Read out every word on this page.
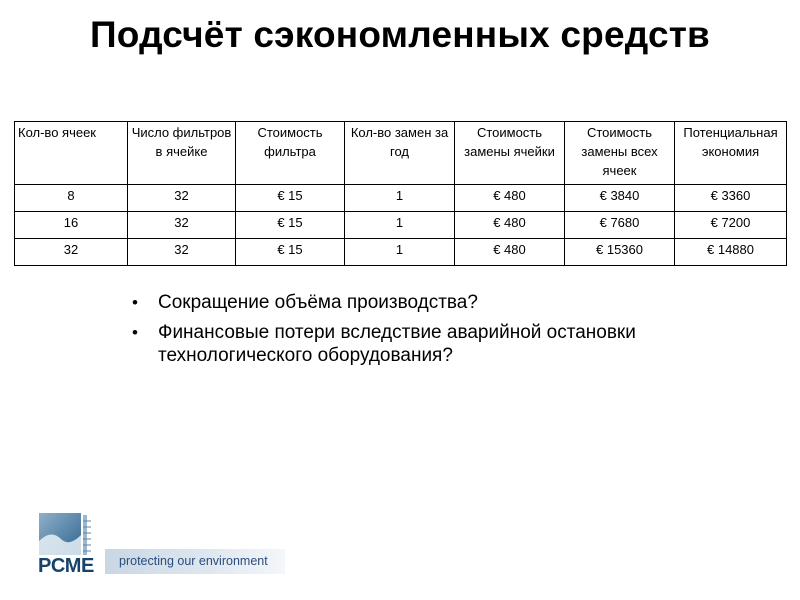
Подсчёт сэкономленных средств
Кол-во ячеек	Число фильтров в ячейке	Стоимость фильтра	Кол-во замен за год	Стоимость замены ячейки	Стоимость замены всех ячеек	Потенциальная экономия
8	32	€ 15	1	€ 480	€ 3840	€ 3360
16	32	€ 15	1	€ 480	€ 7680	€ 7200
32	32	€ 15	1	€ 480	€ 15360	€ 14880
• Сокращение объёма производства?
• Финансовые потери вследствие аварийной остановки технологического оборудования?
PCME	protecting our environment
